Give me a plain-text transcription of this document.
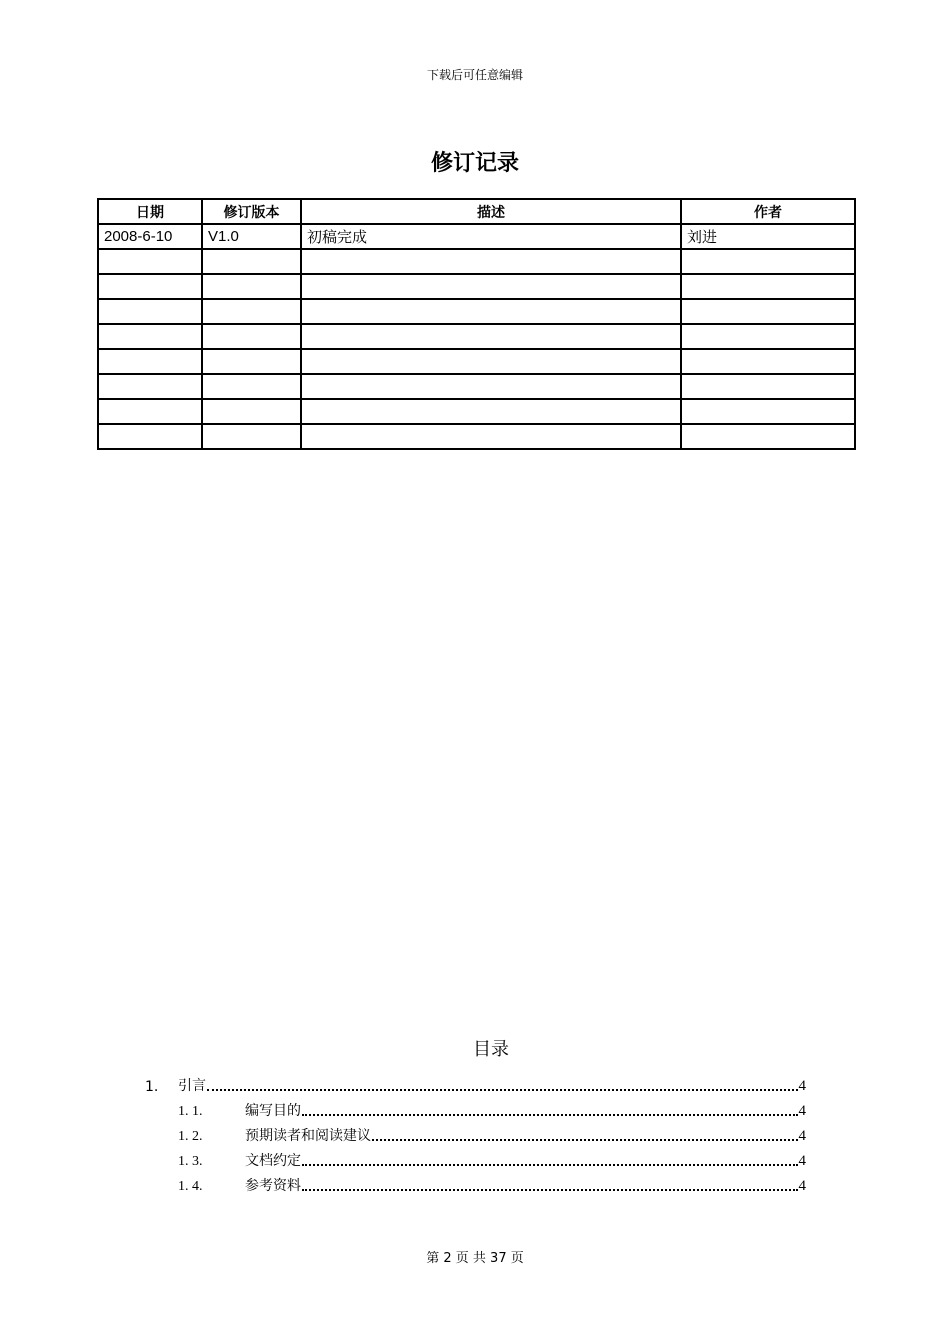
下载后可任意编辑
修订记录
日期	修订版本	描述	作者
2008-6-10	V1.0	初稿完成	刘进

目录
1.	引言	4
1. 1.	编写目的	4
1. 2.	预期读者和阅读建议	4
1. 3.	文档约定	4
1. 4.	参考资料	4
第 2 页 共 37 页
